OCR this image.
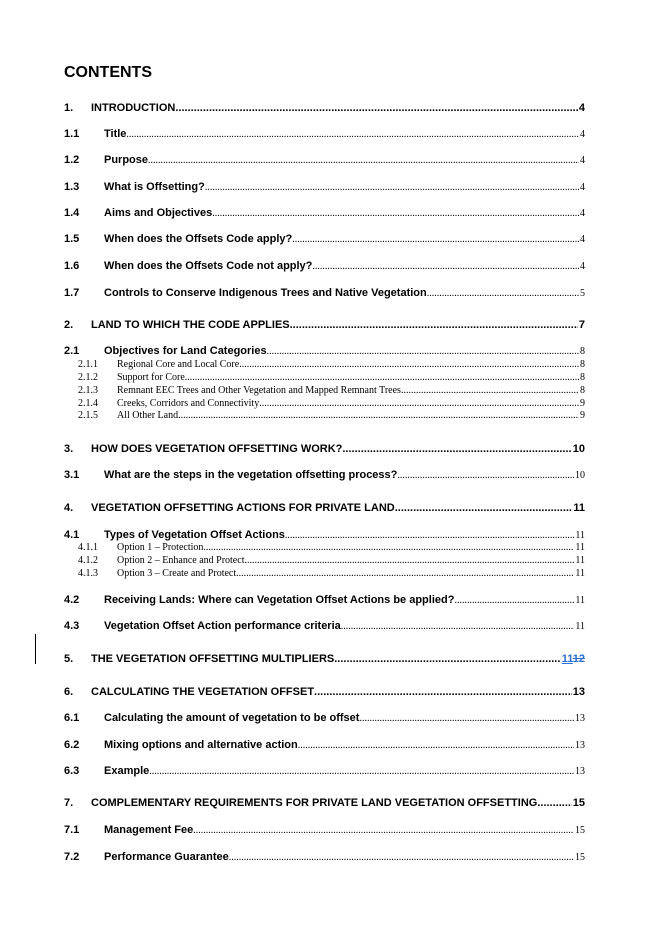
CONTENTS
1. INTRODUCTION .....	4
1.1 Title .....	4
1.2 Purpose .....	4
1.3 What is Offsetting? .....	4
1.4 Aims and Objectives .....	4
1.5 When does the Offsets Code apply? .....	4
1.6 When does the Offsets Code not apply? .....	4
1.7 Controls to Conserve Indigenous Trees and Native Vegetation .....	5
2. LAND TO WHICH THE CODE APPLIES .....	7
2.1 Objectives for Land Categories .....	8
2.1.1 Regional Core and Local Core .....	8
2.1.2 Support for Core .....	8
2.1.3 Remnant EEC Trees and Other Vegetation and Mapped Remnant Trees .....	8
2.1.4 Creeks, Corridors and Connectivity .....	9
2.1.5 All Other Land .....	9
3. HOW DOES VEGETATION OFFSETTING WORK? .....	10
3.1 What are the steps in the vegetation offsetting process? .....	10
4. VEGETATION OFFSETTING ACTIONS FOR PRIVATE LAND .....	11
4.1 Types of Vegetation Offset Actions .....	11
4.1.1 Option 1 – Protection .....	11
4.1.2 Option 2 – Enhance and Protect .....	11
4.1.3 Option 3 – Create and Protect .....	11
4.2 Receiving Lands: Where can Vegetation Offset Actions be applied? .....	11
4.3 Vegetation Offset Action performance criteria .....	11
5. THE VEGETATION OFFSETTING MULTIPLIERS .....	1112
6. CALCULATING THE VEGETATION OFFSET .....	13
6.1 Calculating the amount of vegetation to be offset .....	13
6.2 Mixing options and alternative action .....	13
6.3 Example .....	13
7. COMPLEMENTARY REQUIREMENTS FOR PRIVATE LAND VEGETATION OFFSETTING .....	15
7.1 Management Fee .....	15
7.2 Performance Guarantee .....	15
